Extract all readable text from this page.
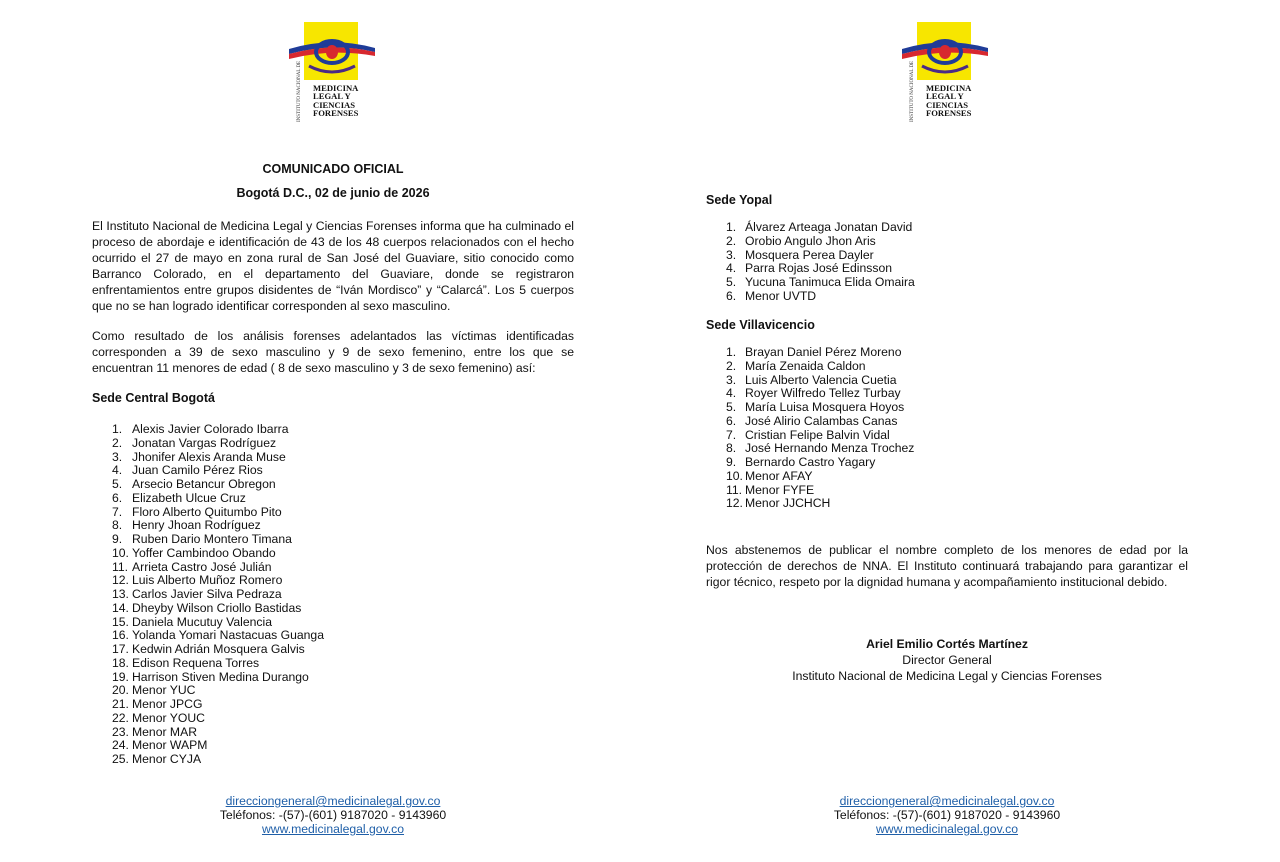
INSTITUTO NACIONAL DE MEDICINA
LEGAL Y
CIENCIAS
FORENSES
COMUNICADO OFICIAL
Bogotá D.C., 02 de junio de 2026
El Instituto Nacional de Medicina Legal y Ciencias Forenses informa que ha culminado el proceso de abordaje e identificación de 43 de los 48 cuerpos relacionados con el hecho ocurrido el 27 de mayo en zona rural de San José del Guaviare, sitio conocido como Barranco Colorado, en el departamento del Guaviare, donde se registraron enfrentamientos entre grupos disidentes de “Iván Mordisco” y “Calarcá”. Los 5 cuerpos que no se han logrado identificar corresponden al sexo masculino.
Como resultado de los análisis forenses adelantados las víctimas identificadas corresponden a 39 de sexo masculino y 9 de sexo femenino, entre los que se encuentran 11 menores de edad ( 8 de sexo masculino y 3 de sexo femenino) así:
Sede Central Bogotá
1. Alexis Javier Colorado Ibarra
2. Jonatan Vargas Rodríguez
3. Jhonifer Alexis Aranda Muse
4. Juan Camilo Pérez Rios
5. Arsecio Betancur Obregon
6. Elizabeth Ulcue Cruz
7. Floro Alberto Quitumbo Pito
8. Henry Jhoan Rodríguez
9. Ruben Dario Montero Timana
10. Yoffer Cambindoo Obando
11. Arrieta Castro José Julián
12. Luis Alberto Muñoz Romero
13. Carlos Javier Silva Pedraza
14. Dheyby Wilson Criollo Bastidas
15. Daniela Mucutuy Valencia
16. Yolanda Yomari Nastacuas Guanga
17. Kedwin Adrián Mosquera Galvis
18. Edison Requena Torres
19. Harrison Stiven Medina Durango
20. Menor YUC
21. Menor JPCG
22. Menor YOUC
23. Menor MAR
24. Menor WAPM
25. Menor CYJA
direcciongeneral@medicinalegal.gov.co
Teléfonos: -(57)-(601) 9187020 - 9143960
www.medicinalegal.gov.co
INSTITUTO NACIONAL DE MEDICINA
LEGAL Y
CIENCIAS
FORENSES
Sede Yopal
1. Álvarez Arteaga Jonatan David
2. Orobio Angulo Jhon Aris
3. Mosquera Perea Dayler
4. Parra Rojas José Edinsson
5. Yucuna Tanimuca Elida Omaira
6. Menor UVTD
Sede Villavicencio
1. Brayan Daniel Pérez Moreno
2. María Zenaida Caldon
3. Luis Alberto Valencia Cuetia
4. Royer Wilfredo Tellez Turbay
5. María Luisa Mosquera Hoyos
6. José Alirio Calambas Canas
7. Cristian Felipe Balvin Vidal
8. José Hernando Menza Trochez
9. Bernardo Castro Yagary
10. Menor AFAY
11. Menor FYFE
12. Menor JJCHCH
Nos abstenemos de publicar el nombre completo de los menores de edad por la protección de derechos de NNA. El Instituto continuará trabajando para garantizar el rigor técnico, respeto por la dignidad humana y acompañamiento institucional debido.
Ariel Emilio Cortés Martínez
Director General
Instituto Nacional de Medicina Legal y Ciencias Forenses
direcciongeneral@medicinalegal.gov.co
Teléfonos: -(57)-(601) 9187020 - 9143960
www.medicinalegal.gov.co
